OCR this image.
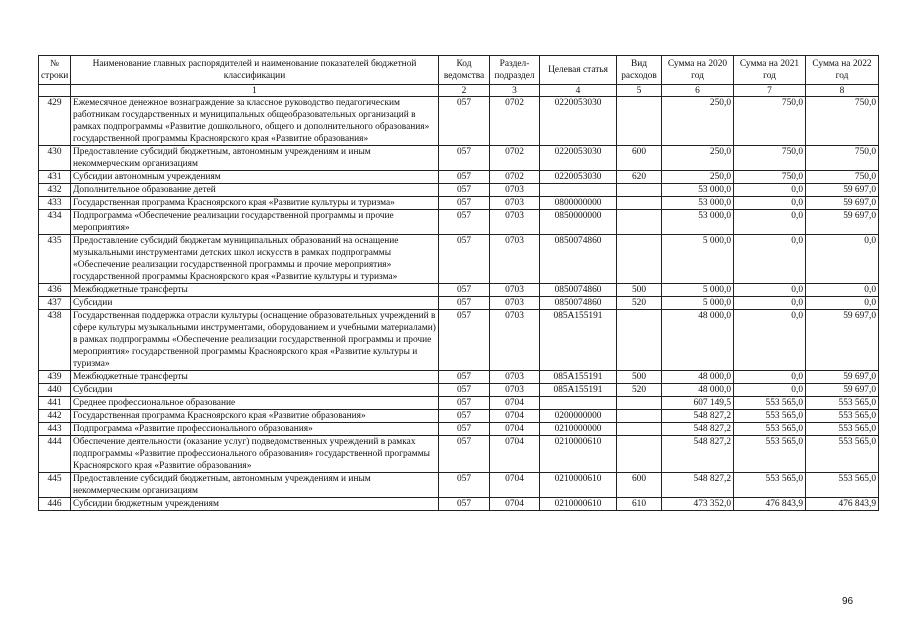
№ строки	Наименование главных распорядителей и наименование показателей бюджетной классификации	Код ведомства	Раздел- подраздел	Целевая статья	Вид расходов	Сумма на 2020 год	Сумма на 2021 год	Сумма на 2022 год
	1	2	3	4	5	6	7	8
429	Ежемесячное денежное вознаграждение за классное руководство педагогическим работникам государственных и муниципальных общеобразовательных организаций в рамках подпрограммы «Развитие дошкольного, общего и дополнительного образования» государственной программы Красноярского края «Развитие образования»	057	0702	0220053030		250,0	750,0	750,0
430	Предоставление субсидий бюджетным, автономным учреждениям и иным некоммерческим организациям	057	0702	0220053030	600	250,0	750,0	750,0
431	Субсидии автономным учреждениям	057	0702	0220053030	620	250,0	750,0	750,0
432	Дополнительное образование детей	057	0703			53 000,0	0,0	59 697,0
433	Государственная программа Красноярского края «Развитие культуры и туризма»	057	0703	0800000000		53 000,0	0,0	59 697,0
434	Подпрограмма «Обеспечение реализации государственной программы и прочие мероприятия»	057	0703	0850000000		53 000,0	0,0	59 697,0
435	Предоставление субсидий бюджетам муниципальных образований на оснащение музыкальными инструментами детских школ искусств в рамках подпрограммы «Обеспечение реализации государственной программы и прочие мероприятия» государственной программы Красноярского края «Развитие культуры и туризма»	057	0703	0850074860		5 000,0	0,0	0,0
436	Межбюджетные трансферты	057	0703	0850074860	500	5 000,0	0,0	0,0
437	Субсидии	057	0703	0850074860	520	5 000,0	0,0	0,0
438	Государственная поддержка отрасли культуры (оснащение образовательных учреждений в сфере культуры музыкальными инструментами, оборудованием и учебными материалами) в рамках подпрограммы «Обеспечение реализации государственной программы и прочие мероприятия» государственной программы Красноярского края «Развитие культуры и туризма»	057	0703	085A155191		48 000,0	0,0	59 697,0
439	Межбюджетные трансферты	057	0703	085A155191	500	48 000,0	0,0	59 697,0
440	Субсидии	057	0703	085A155191	520	48 000,0	0,0	59 697,0
441	Среднее профессиональное образование	057	0704			607 149,5	553 565,0	553 565,0
442	Государственная программа Красноярского края «Развитие образования»	057	0704	0200000000		548 827,2	553 565,0	553 565,0
443	Подпрограмма «Развитие профессионального образования»	057	0704	0210000000		548 827,2	553 565,0	553 565,0
444	Обеспечение деятельности (оказание услуг) подведомственных учреждений в рамках подпрограммы «Развитие профессионального образования» государственной программы Красноярского края «Развитие образования»	057	0704	0210000610		548 827,2	553 565,0	553 565,0
445	Предоставление субсидий бюджетным, автономным учреждениям и иным некоммерческим организациям	057	0704	0210000610	600	548 827,2	553 565,0	553 565,0
446	Субсидии бюджетным учреждениям	057	0704	0210000610	610	473 352,0	476 843,9	476 843,9
96
